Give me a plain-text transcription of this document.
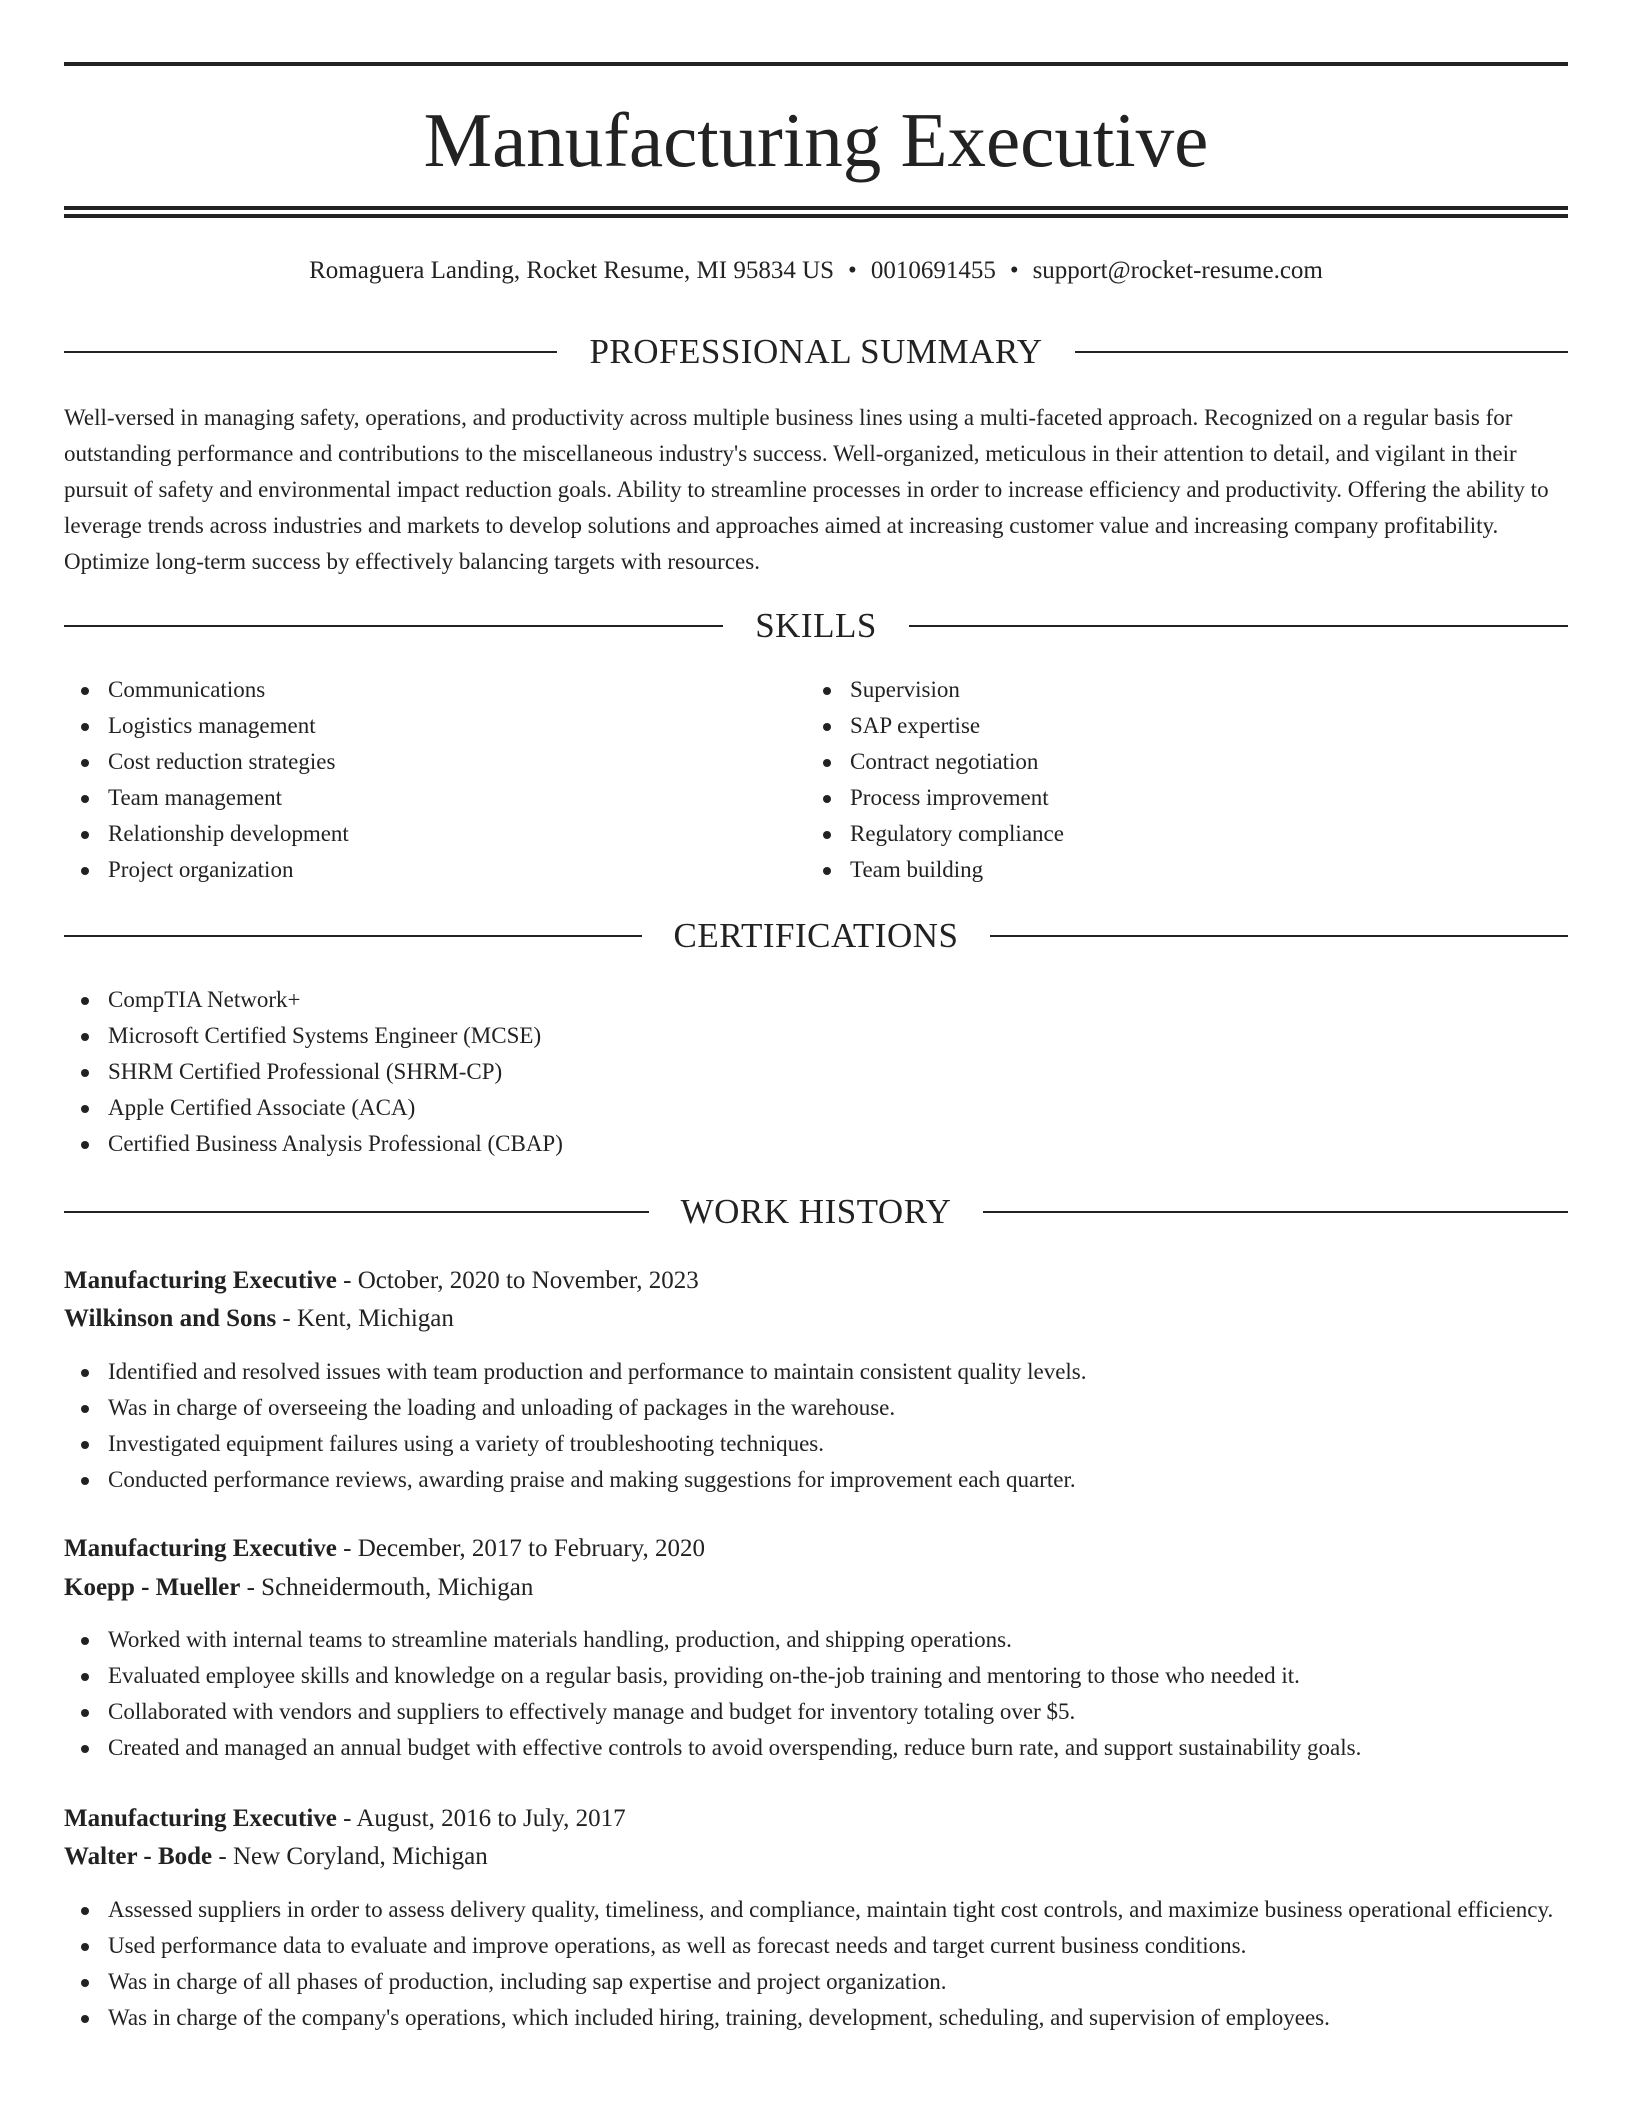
Manufacturing Executive
Romaguera Landing, Rocket Resume, MI 95834 US • 0010691455 • support@rocket-resume.com
PROFESSIONAL SUMMARY

Well-versed in managing safety, operations, and productivity across multiple business lines using a multi-faceted approach. Recognized on a regular basis for outstanding performance and contributions to the miscellaneous industry's success. Well-organized, meticulous in their attention to detail, and vigilant in their pursuit of safety and environmental impact reduction goals. Ability to streamline processes in order to increase efficiency and productivity. Offering the ability to leverage trends across industries and markets to develop solutions and approaches aimed at increasing customer value and increasing company profitability. Optimize long-term success by effectively balancing targets with resources.

SKILLS
Communications
Logistics management
Cost reduction strategies
Team management
Relationship development
Project organization
Supervision
SAP expertise
Contract negotiation
Process improvement
Regulatory compliance
Team building
CERTIFICATIONS
CompTIA Network+
Microsoft Certified Systems Engineer (MCSE)
SHRM Certified Professional (SHRM-CP)
Apple Certified Associate (ACA)
Certified Business Analysis Professional (CBAP)
WORK HISTORY
Manufacturing Executive - October, 2020 to November, 2023
Wilkinson and Sons - Kent, Michigan
Identified and resolved issues with team production and performance to maintain consistent quality levels.
Was in charge of overseeing the loading and unloading of packages in the warehouse.
Investigated equipment failures using a variety of troubleshooting techniques.
Conducted performance reviews, awarding praise and making suggestions for improvement each quarter.
Manufacturing Executive - December, 2017 to February, 2020
Koepp - Mueller - Schneidermouth, Michigan
Worked with internal teams to streamline materials handling, production, and shipping operations.
Evaluated employee skills and knowledge on a regular basis, providing on-the-job training and mentoring to those who needed it.
Collaborated with vendors and suppliers to effectively manage and budget for inventory totaling over $5.
Created and managed an annual budget with effective controls to avoid overspending, reduce burn rate, and support sustainability goals.
Manufacturing Executive - August, 2016 to July, 2017
Walter - Bode - New Coryland, Michigan
Assessed suppliers in order to assess delivery quality, timeliness, and compliance, maintain tight cost controls, and maximize business operational efficiency.
Used performance data to evaluate and improve operations, as well as forecast needs and target current business conditions.
Was in charge of all phases of production, including sap expertise and project organization.
Was in charge of the company's operations, which included hiring, training, development, scheduling, and supervision of employees.
